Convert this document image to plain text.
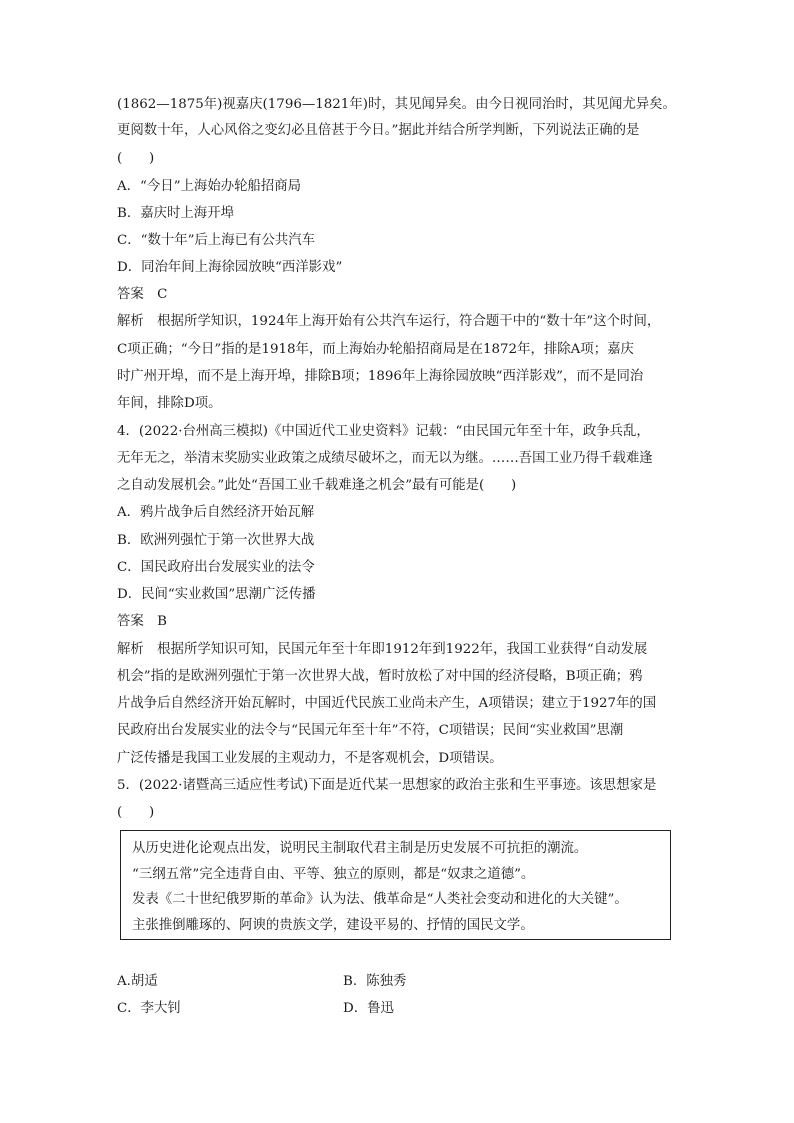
(1862—1875年)视嘉庆(1796—1821年)时，其见闻异矣。由今日视同治时，其见闻尤异矣。
更阅数十年，人心风俗之变幻必且倍甚于今日。”据此并结合所学判断，下列说法正确的是
(　　)
A．“今日”上海始办轮船招商局
B．嘉庆时上海开埠
C．“数十年”后上海已有公共汽车
D．同治年间上海徐园放映“西洋影戏”
答案　C
解析　根据所学知识，1924年上海开始有公共汽车运行，符合题干中的“数十年”这个时间，
C项正确；“今日”指的是1918年，而上海始办轮船招商局是在1872年，排除A项；嘉庆
时广州开埠，而不是上海开埠，排除B项；1896年上海徐园放映“西洋影戏”，而不是同治
年间，排除D项。
4．(2022·台州高三模拟)《中国近代工业史资料》记载：“由民国元年至十年，政争兵乱，
无年无之，举清末奖励实业政策之成绩尽破坏之，而无以为继。……吾国工业乃得千载难逢
之自动发展机会。”此处“吾国工业千载难逢之机会”最有可能是(　　)
A．鸦片战争后自然经济开始瓦解
B．欧洲列强忙于第一次世界大战
C．国民政府出台发展实业的法令
D．民间“实业救国”思潮广泛传播
答案　B
解析　根据所学知识可知，民国元年至十年即1912年到1922年，我国工业获得“自动发展
机会”指的是欧洲列强忙于第一次世界大战，暂时放松了对中国的经济侵略，B项正确；鸦
片战争后自然经济开始瓦解时，中国近代民族工业尚未产生，A项错误；建立于1927年的国
民政府出台发展实业的法令与“民国元年至十年”不符，C项错误；民间“实业救国”思潮
广泛传播是我国工业发展的主观动力，不是客观机会，D项错误。
5．(2022·诸暨高三适应性考试)下面是近代某一思想家的政治主张和生平事迹。该思想家是
(　　)
从历史进化论观点出发，说明民主制取代君主制是历史发展不可抗拒的潮流。
“三纲五常”完全违背自由、平等、独立的原则，都是“奴隶之道德”。
发表《二十世纪俄罗斯的革命》认为法、俄革命是“人类社会变动和进化的大关键”。
主张推倒雕琢的、阿谀的贵族文学，建设平易的、抒情的国民文学。
A.胡适	B．陈独秀
C．李大钊	D．鲁迅
